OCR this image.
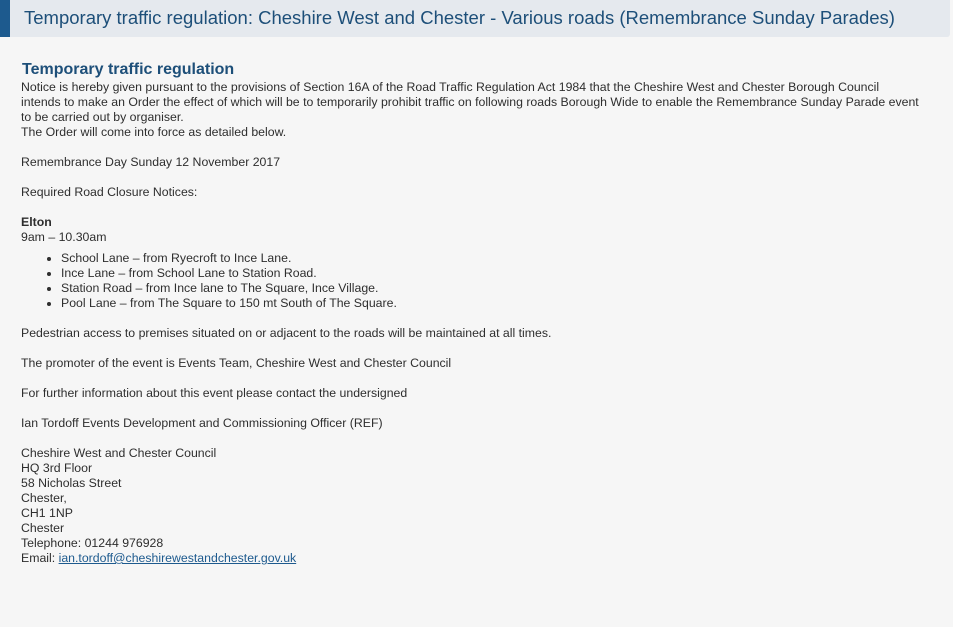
Temporary traffic regulation: Cheshire West and Chester - Various roads (Remembrance Sunday Parades)
Temporary traffic regulation

Notice is hereby given pursuant to the provisions of Section 16A of the Road Traffic Regulation Act 1984 that the Cheshire West and Chester Borough Council intends to make an Order the effect of which will be to temporarily prohibit traffic on following roads Borough Wide to enable the Remembrance Sunday Parade event to be carried out by organiser.

The Order will come into force as detailed below.

Remembrance Day Sunday 12 November 2017

Required Road Closure Notices:

Elton

9am – 10.30am

• School Lane – from Ryecroft to Ince Lane.
• Ince Lane – from School Lane to Station Road.
• Station Road – from Ince lane to The Square, Ince Village.
• Pool Lane – from The Square to 150 mt South of The Square.

Pedestrian access to premises situated on or adjacent to the roads will be maintained at all times.

The promoter of the event is Events Team, Cheshire West and Chester Council

For further information about this event please contact the undersigned

Ian Tordoff Events Development and Commissioning Officer (REF)

Cheshire West and Chester Council

HQ 3rd Floor

58 Nicholas Street

Chester,

CH1 1NP

Chester

Telephone: 01244 976928

Email: ian.tordoff@cheshirewestandchester.gov.uk
